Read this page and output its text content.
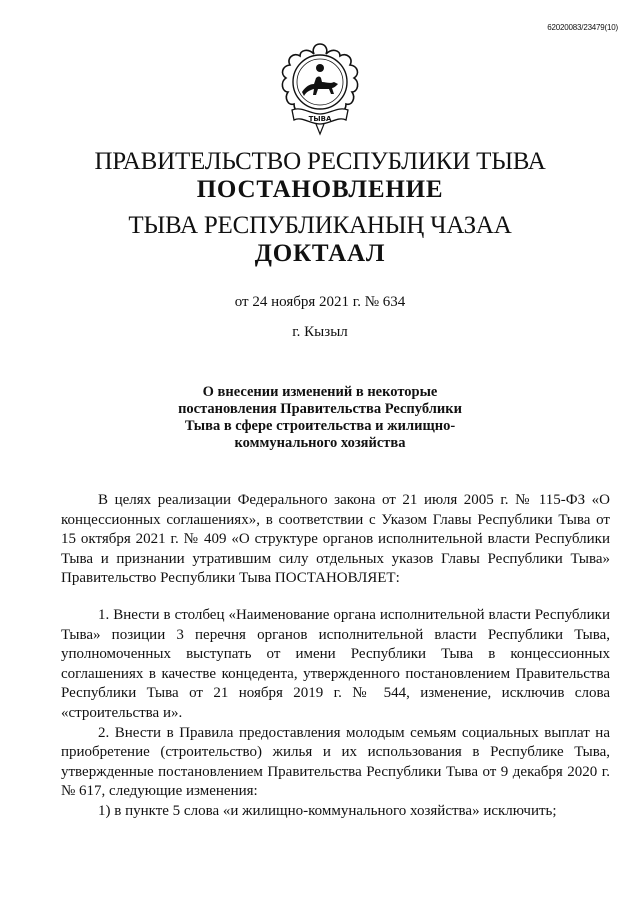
62020083/23479(10)
ТЫВА
ПРАВИТЕЛЬСТВО РЕСПУБЛИКИ ТЫВА
ПОСТАНОВЛЕНИЕ
ТЫВА РЕСПУБЛИКАНЫҢ ЧАЗАА
ДОКТААЛ
от 24 ноября 2021 г. № 634
г. Кызыл
О внесении изменений в некоторые
постановления Правительства Республики
Тыва в сфере строительства и жилищно-
коммунального хозяйства

В целях реализации Федерального закона от 21 июля 2005 г. № 115-ФЗ «О концессионных соглашениях», в соответствии с Указом Главы Республики Тыва от 15 октября 2021 г. № 409 «О структуре органов исполнительной власти Республики Тыва и признании утратившим силу отдельных указов Главы Республики Тыва» Правительство Республики Тыва ПОСТАНОВЛЯЕТ:

1. Внести в столбец «Наименование органа исполнительной власти Республики Тыва» позиции 3 перечня органов исполнительной власти Республики Тыва, уполномоченных выступать от имени Республики Тыва в концессионных соглашениях в качестве концедента, утвержденного постановлением Правительства Республики Тыва от 21 ноября 2019 г. № 544, изменение, исключив слова «строительства и».

2. Внести в Правила предоставления молодым семьям социальных выплат на приобретение (строительство) жилья и их использования в Республике Тыва, утвержденные постановлением Правительства Республики Тыва от 9 декабря 2020 г. № 617, следующие изменения:

1) в пункте 5 слова «и жилищно-коммунального хозяйства» исключить;
